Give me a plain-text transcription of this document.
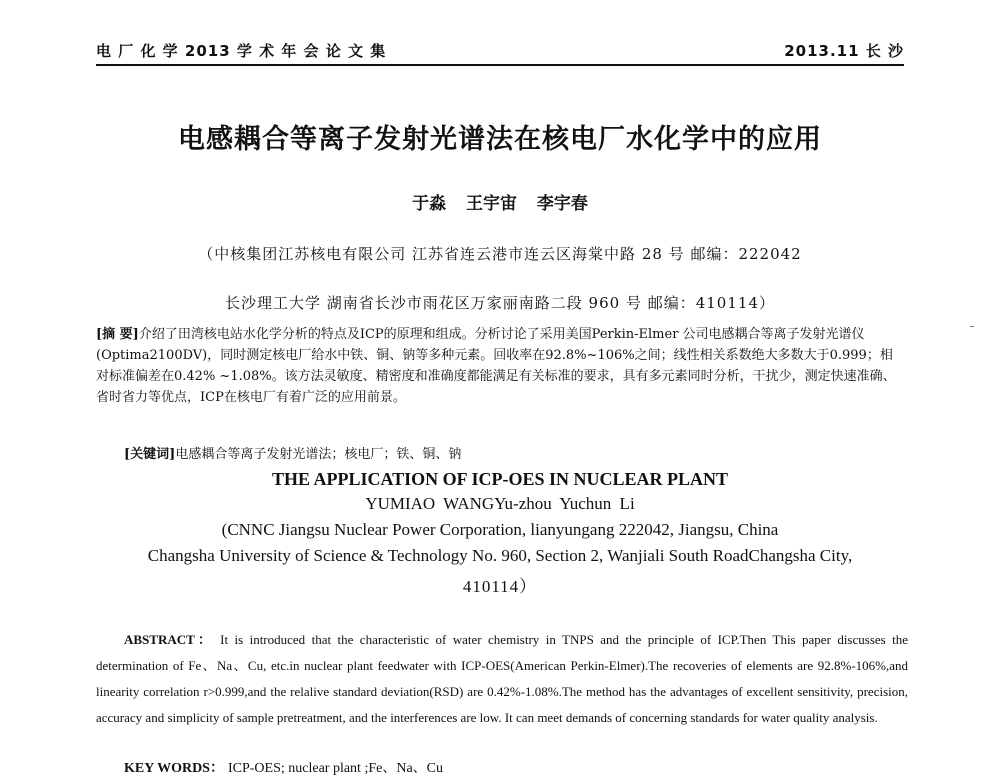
电 厂 化 学 2013 学 术 年 会 论 文 集	2013.11 长 沙
电感耦合等离子发射光谱法在核电厂水化学中的应用
于淼 王宇宙 李宇春
（中核集团江苏核电有限公司 江苏省连云港市连云区海棠中路 28 号 邮编：222042
长沙理工大学 湖南省长沙市雨花区万家丽南路二段 960 号 邮编：410114）
[摘 要]介绍了田湾核电站水化学分析的特点及ICP的原理和组成。分析讨论了采用美国Perkin-Elmer 公司电感耦合等离子发射光谱仪(Optima2100DV)，同时测定核电厂给水中铁、铜、钠等多种元素。回收率在92.8%~106%之间；线性相关系数绝大多数大于0.999；相对标准偏差在0.42% ~1.08%。该方法灵敏度、精密度和准确度都能满足有关标准的要求，具有多元素同时分析，干扰少，测定快速准确、省时省力等优点，ICP在核电厂有着广泛的应用前景。
[关键词]电感耦合等离子发射光谱法；核电厂；铁、铜、钠
THE APPLICATION OF ICP-OES IN NUCLEAR PLANT
YUMIAO WANGYu-zhou Yuchun Li
(CNNC Jiangsu Nuclear Power Corporation, lianyungang 222042, Jiangsu, China
Changsha University of Science & Technology No. 960, Section 2, Wanjiali South RoadChangsha City,
410114）
ABSTRACT： It is introduced that the characteristic of water chemistry in TNPS and the principle of ICP.Then This paper discusses the determination of Fe、Na、Cu, etc.in nuclear plant feedwater with ICP-OES(American Perkin-Elmer).The recoveries of elements are 92.8%-106%,and linearity correlation r>0.999,and the relalive standard deviation(RSD) are 0.42%-1.08%.The method has the advantages of excellent sensitivity, precision, accuracy and simplicity of sample pretreatment, and the interferences are low. It can meet demands of concerning standards for water quality analysis.
KEY WORDS： ICP-OES; nuclear plant ;Fe、Na、Cu
